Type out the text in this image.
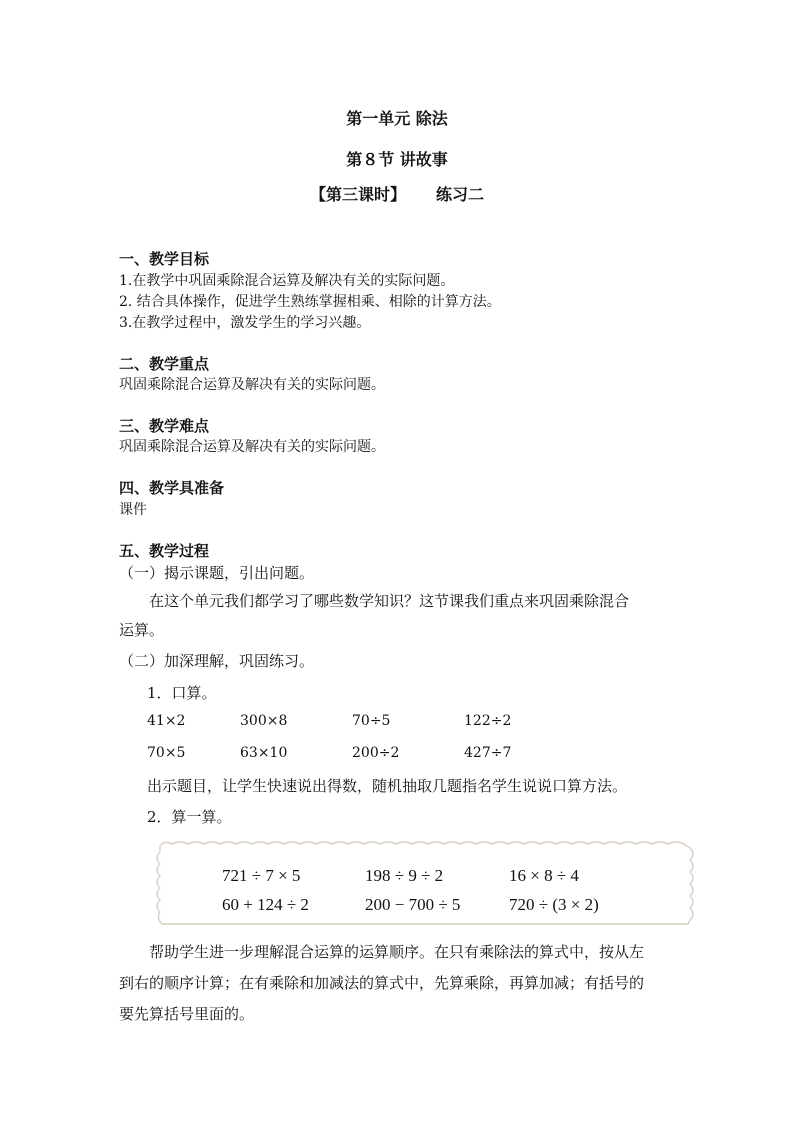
第一单元 除法
第８节 讲故事
【第三课时】 练习二
一、教学目标
1.在教学中巩固乘除混合运算及解决有关的实际问题。
2. 结合具体操作，促进学生熟练掌握相乘、相除的计算方法。
3.在教学过程中，激发学生的学习兴趣。
二、教学重点
巩固乘除混合运算及解决有关的实际问题。
三、教学难点
巩固乘除混合运算及解决有关的实际问题。
四、教学具准备
课件
五、教学过程
（一）揭示课题，引出问题。
在这个单元我们都学习了哪些数学知识？这节课我们重点来巩固乘除混合
运算。
（二）加深理解，巩固练习。
1．口算。
41×2	300×8	70÷5	122÷2
70×5	63×10	200÷2	427÷7
出示题目，让学生快速说出得数，随机抽取几题指名学生说说口算方法。
2．算一算。
721 ÷ 7 × 5	198 ÷ 9 ÷ 2	16 × 8 ÷ 4
60 + 124 ÷ 2	200 − 700 ÷ 5	720 ÷ (3 × 2)
帮助学生进一步理解混合运算的运算顺序。在只有乘除法的算式中，按从左
到右的顺序计算；在有乘除和加减法的算式中，先算乘除，再算加减；有括号的
要先算括号里面的。
